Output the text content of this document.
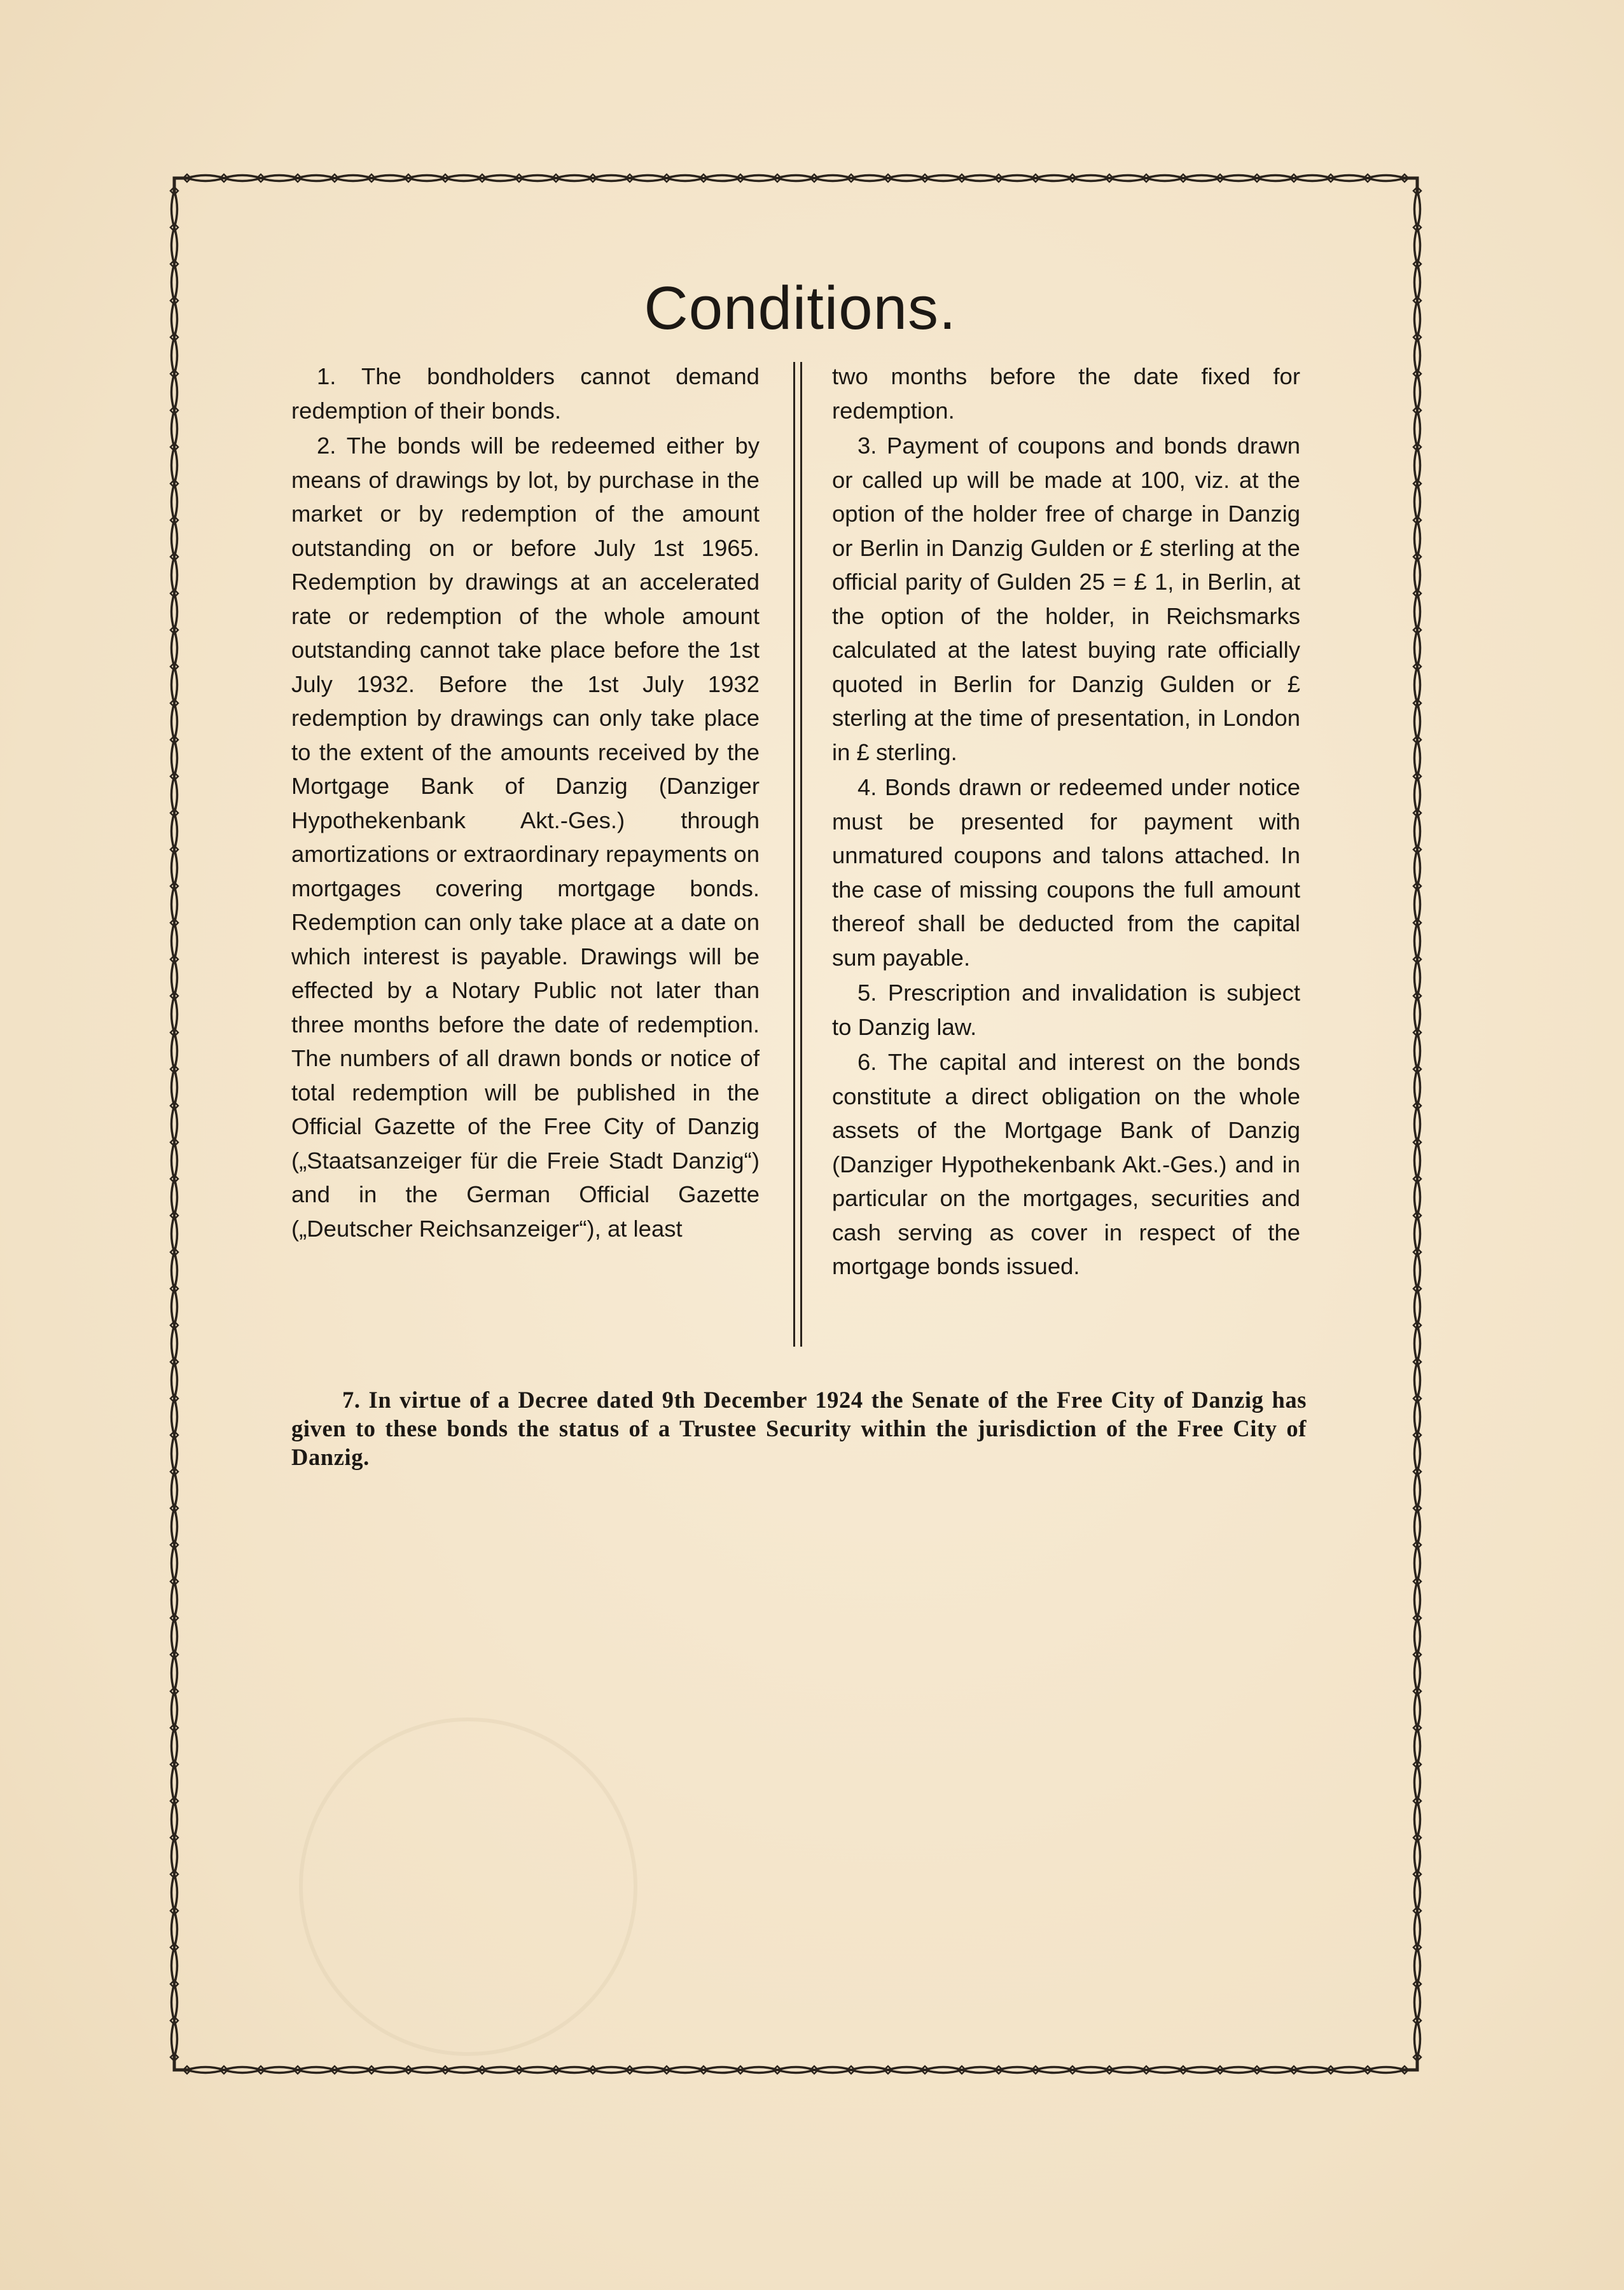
Conditions.

1. The bondholders cannot demand redemption of their bonds.

2. The bonds will be redeemed either by means of drawings by lot, by purchase in the market or by redemption of the amount outstanding on or before July 1st 1965. Redemption by drawings at an accelerated rate or redemption of the whole amount outstanding cannot take place before the 1st July 1932. Before the 1st July 1932 redemption by drawings can only take place to the extent of the amounts received by the Mortgage Bank of Danzig (Danziger Hypothekenbank Akt.-Ges.) through amortizations or extraordinary repayments on mortgages covering mortgage bonds. Redemption can only take place at a date on which interest is payable. Drawings will be effected by a Notary Public not later than three months before the date of redemption. The numbers of all drawn bonds or notice of total redemption will be published in the Official Gazette of the Free City of Danzig („Staatsanzeiger für die Freie Stadt Danzig“) and in the German Official Gazette („Deutscher Reichsanzeiger“), at least

two months before the date fixed for redemption.

3. Payment of coupons and bonds drawn or called up will be made at 100, viz. at the option of the holder free of charge in Danzig or Berlin in Danzig Gulden or £ sterling at the official parity of Gulden 25 = £ 1, in Berlin, at the option of the holder, in Reichsmarks calculated at the latest buying rate officially quoted in Berlin for Danzig Gulden or £ sterling at the time of presentation, in London in £ sterling.

4. Bonds drawn or redeemed under notice must be presented for payment with unmatured coupons and talons attached. In the case of missing coupons the full amount thereof shall be deducted from the capital sum payable.

5. Prescription and invalidation is subject to Danzig law.

6. The capital and interest on the bonds constitute a direct obligation on the whole assets of the Mortgage Bank of Danzig (Danziger Hypothekenbank Akt.-Ges.) and in particular on the mortgages, securities and cash serving as cover in respect of the mortgage bonds issued.

7. In virtue of a Decree dated 9th December 1924 the Senate of the Free City of Danzig has given to these bonds the status of a Trustee Security within the jurisdiction of the Free City of Danzig.
